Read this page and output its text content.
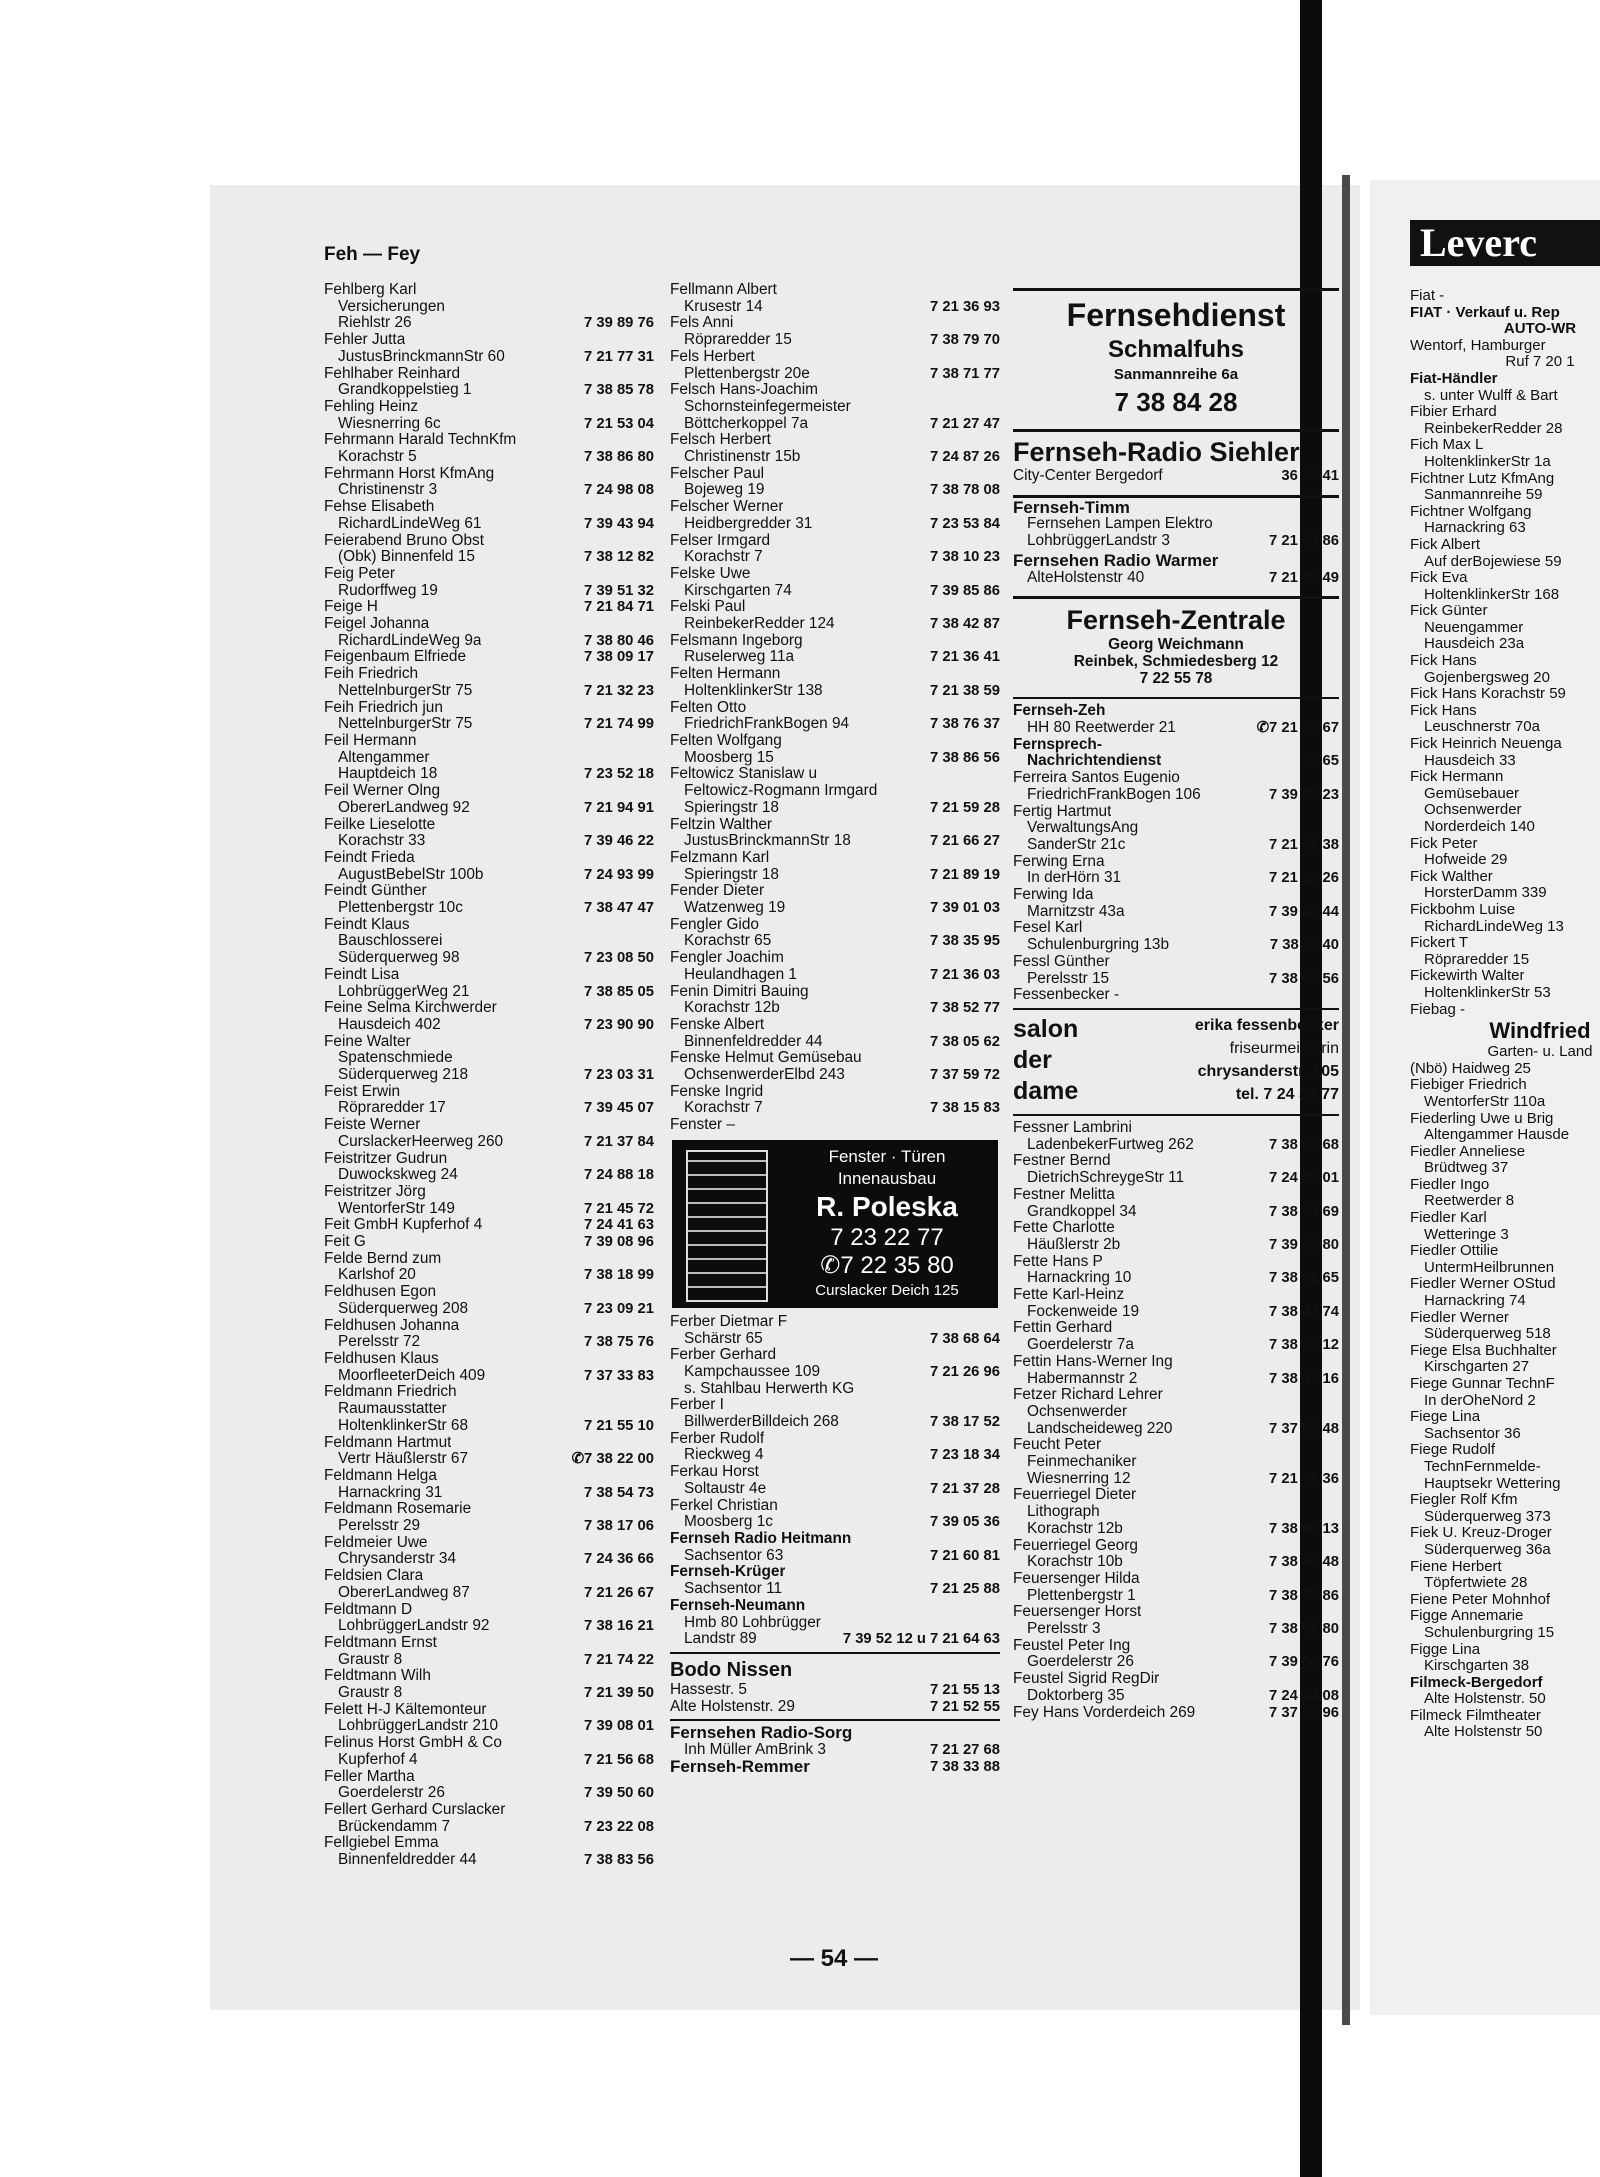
Feh — Fey
Fehlberg Karl
Versicherungen
Riehlstr 26	7 39 89 76
Fehler Jutta
JustusBrinckmannStr 60	7 21 77 31
Fehlhaber Reinhard
Grandkoppelstieg 1	7 38 85 78
Fehling Heinz
Wiesnerring 6c	7 21 53 04
Fehrmann Harald TechnKfm
Korachstr 5	7 38 86 80
Fehrmann Horst KfmAng
Christinenstr 3	7 24 98 08
Fehse Elisabeth
RichardLindeWeg 61	7 39 43 94
Feierabend Bruno Obst
(Obk) Binnenfeld 15	7 38 12 82
Feig Peter
Rudorffweg 19	7 39 51 32
Feige H	7 21 84 71
Feigel Johanna
RichardLindeWeg 9a	7 38 80 46
Feigenbaum Elfriede	7 38 09 17
Feih Friedrich
NettelnburgerStr 75	7 21 32 23
Feih Friedrich jun
NettelnburgerStr 75	7 21 74 99
Feil Hermann
Altengammer
Hauptdeich 18	7 23 52 18
Feil Werner Olng
ObererLandweg 92	7 21 94 91
Feilke Lieselotte
Korachstr 33	7 39 46 22
Feindt Frieda
AugustBebelStr 100b	7 24 93 99
Feindt Günther
Plettenbergstr 10c	7 38 47 47
Feindt Klaus
Bauschlosserei
Süderquerweg 98	7 23 08 50
Feindt Lisa
LohbrüggerWeg 21	7 38 85 05
Feine Selma Kirchwerder
Hausdeich 402	7 23 90 90
Feine Walter
Spatenschmiede
Süderquerweg 218	7 23 03 31
Feist Erwin
Röpraredder 17	7 39 45 07
Feiste Werner
CurslackerHeerweg 260	7 21 37 84
Feistritzer Gudrun
Duwockskweg 24	7 24 88 18
Feistritzer Jörg
WentorferStr 149	7 21 45 72
Feit GmbH Kupferhof 4	7 24 41 63
Feit G	7 39 08 96
Felde Bernd zum
Karlshof 20	7 38 18 99
Feldhusen Egon
Süderquerweg 208	7 23 09 21
Feldhusen Johanna
Perelsstr 72	7 38 75 76
Feldhusen Klaus
MoorfleeterDeich 409	7 37 33 83
Feldmann Friedrich
Raumausstatter
HoltenklinkerStr 68	7 21 55 10
Feldmann Hartmut
Vertr Häußlerstr 67	✆7 38 22 00
Feldmann Helga
Harnackring 31	7 38 54 73
Feldmann Rosemarie
Perelsstr 29	7 38 17 06
Feldmeier Uwe
Chrysanderstr 34	7 24 36 66
Feldsien Clara
ObererLandweg 87	7 21 26 67
Feldtmann D
LohbrüggerLandstr 92	7 38 16 21
Feldtmann Ernst
Graustr 8	7 21 74 22
Feldtmann Wilh
Graustr 8	7 21 39 50
Felett H-J Kältemonteur
LohbrüggerLandstr 210	7 39 08 01
Felinus Horst GmbH & Co
Kupferhof 4	7 21 56 68
Feller Martha
Goerdelerstr 26	7 39 50 60
Fellert Gerhard Curslacker
Brückendamm 7	7 23 22 08
Fellgiebel Emma
Binnenfeldredder 44	7 38 83 56
Fellmann Albert
Krusestr 14	7 21 36 93
Fels Anni
Röpraredder 15	7 38 79 70
Fels Herbert
Plettenbergstr 20e	7 38 71 77
Felsch Hans-Joachim
Schornsteinfegermeister
Böttcherkoppel 7a	7 21 27 47
Felsch Herbert
Christinenstr 15b	7 24 87 26
Felscher Paul
Bojeweg 19	7 38 78 08
Felscher Werner
Heidbergredder 31	7 23 53 84
Felser Irmgard
Korachstr 7	7 38 10 23
Felske Uwe
Kirschgarten 74	7 39 85 86
Felski Paul
ReinbekerRedder 124	7 38 42 87
Felsmann Ingeborg
Ruselerweg 11a	7 21 36 41
Felten Hermann
HoltenklinkerStr 138	7 21 38 59
Felten Otto
FriedrichFrankBogen 94	7 38 76 37
Felten Wolfgang
Moosberg 15	7 38 86 56
Feltowicz Stanislaw u
Feltowicz-Rogmann Irmgard
Spieringstr 18	7 21 59 28
Feltzin Walther
JustusBrinckmannStr 18	7 21 66 27
Felzmann Karl
Spieringstr 18	7 21 89 19
Fender Dieter
Watzenweg 19	7 39 01 03
Fengler Gido
Korachstr 65	7 38 35 95
Fengler Joachim
Heulandhagen 1	7 21 36 03
Fenin Dimitri Bauing
Korachstr 12b	7 38 52 77
Fenske Albert
Binnenfeldredder 44	7 38 05 62
Fenske Helmut Gemüsebau
OchsenwerderElbd 243	7 37 59 72
Fenske Ingrid
Korachstr 7	7 38 15 83
Fenster –
Fenster · Türen
Innenausbau
R. Poleska
7 23 22 77
✆7 22 35 80
Curslacker Deich 125
Ferber Dietmar F
Schärstr 65	7 38 68 64
Ferber Gerhard
Kampchaussee 109	7 21 26 96
s. Stahlbau Herwerth KG
Ferber I
BillwerderBilldeich 268	7 38 17 52
Ferber Rudolf
Rieckweg 4	7 23 18 34
Ferkau Horst
Soltaustr 4e	7 21 37 28
Ferkel Christian
Moosberg 1c	7 39 05 36
Fernseh Radio Heitmann
Sachsentor 63	7 21 60 81
Fernseh-Krüger
Sachsentor 11	7 21 25 88
Fernseh-Neumann
Hmb 80 Lohbrügger
Landstr 89	7 39 52 12 u 7 21 64 63
Bodo Nissen
Hassestr. 5	7 21 55 13
Alte Holstenstr. 29	7 21 52 55
Fernsehen Radio-Sorg
Inh Müller AmBrink 3	7 21 27 68
Fernseh-Remmer	7 38 33 88
Fernsehdienst
Schmalfuhs
Sanmannreihe 6a
7 38 84 28
Fernseh-Radio Siehler
City-Center Bergedorf	36 28 41
Fernseh-Timm
Fernsehen Lampen Elektro
LohbrüggerLandstr 3	7 21 24 86
Fernsehen Radio Warmer
AlteHolstenstr 40	7 21 35 49
Fernseh-Zentrale
Georg Weichmann
Reinbek, Schmiedesberg 12
7 22 55 78
Fernseh-Zeh
HH 80 Reetwerder 21	✆7 21 20 67
Fernsprech-
Nachrichtendienst	11 65
Ferreira Santos Eugenio
FriedrichFrankBogen 106	7 39 00 23
Fertig Hartmut
VerwaltungsAng
SanderStr 21c	7 21 71 38
Ferwing Erna
In derHörn 31	7 21 25 26
Ferwing Ida
Marnitzstr 43a	7 39 45 44
Fesel Karl
Schulenburgring 13b	7 38 11 40
Fessl Günther
Perelsstr 15	7 38 62 56
Fessenbecker -
salon
der
dame
erika fessenbecker
friseurmeisterin
chrysanderstr. 105
tel. 7 24 57 77
Fessner Lambrini
LadenbekerFurtweg 262	7 38 03 68
Festner Bernd
DietrichSchreygeStr 11	7 24 42 01
Festner Melitta
Grandkoppel 34	7 38 84 69
Fette Charlotte
Häußlerstr 2b	7 39 45 80
Fette Hans P
Harnackring 10	7 38 51 65
Fette Karl-Heinz
Fockenweide 19	7 38 42 74
Fettin Gerhard
Goerdelerstr 7a	7 38 12 12
Fettin Hans-Werner Ing
Habermannstr 2	7 38 41 16
Fetzer Richard Lehrer
Ochsenwerder
Landscheideweg 220	7 37 58 48
Feucht Peter
Feinmechaniker
Wiesnerring 12	7 21 76 36
Feuerriegel Dieter
Lithograph
Korachstr 12b	7 38 90 13
Feuerriegel Georg
Korachstr 10b	7 38 66 48
Feuersenger Hilda
Plettenbergstr 1	7 38 72 86
Feuersenger Horst
Perelsstr 3	7 38 96 80
Feustel Peter Ing
Goerdelerstr 26	7 39 80 76
Feustel Sigrid RegDir
Doktorberg 35	7 24 24 08
Fey Hans Vorderdeich 269	7 37 31 96
— 54 —
Leverc
Fiat -
FIAT · Verkauf u. Rep
AUTO-WR
Wentorf, Hamburger
Ruf 7 20 1
Fiat-Händler
s. unter Wulff & Bart
Fibier Erhard
ReinbekerRedder 28
Fich Max L
HoltenklinkerStr 1a
Fichtner Lutz KfmAng
Sanmannreihe 59
Fichtner Wolfgang
Harnackring 63
Fick Albert
Auf derBojewiese 59
Fick Eva
HoltenklinkerStr 168
Fick Günter
Neuengammer
Hausdeich 23a
Fick Hans
Gojenbergsweg 20
Fick Hans Korachstr 59
Fick Hans
Leuschnerstr 70a
Fick Heinrich Neuenga
Hausdeich 33
Fick Hermann
Gemüsebauer
Ochsenwerder
Norderdeich 140
Fick Peter
Hofweide 29
Fick Walther
HorsterDamm 339
Fickbohm Luise
RichardLindeWeg 13
Fickert T
Röpraredder 15
Fickewirth Walter
HoltenklinkerStr 53
Fiebag -
Windfried
Garten- u. Land
(Nbö) Haidweg 25
Fiebiger Friedrich
WentorferStr 110a
Fiederling Uwe u Brig
Altengammer Hausde
Fiedler Anneliese
Brüdtweg 37
Fiedler Ingo
Reetwerder 8
Fiedler Karl
Wetteringe 3
Fiedler Ottilie
UntermHeilbrunnen
Fiedler Werner OStud
Harnackring 74
Fiedler Werner
Süderquerweg 518
Fiege Elsa Buchhalter
Kirschgarten 27
Fiege Gunnar TechnF
In derOheNord 2
Fiege Lina
Sachsentor 36
Fiege Rudolf
TechnFernmelde-
Hauptsekr Wettering
Fiegler Rolf Kfm
Süderquerweg 373
Fiek U. Kreuz-Droger
Süderquerweg 36a
Fiene Herbert
Töpfertwiete 28
Fiene Peter Mohnhof
Figge Annemarie
Schulenburgring 15
Figge Lina
Kirschgarten 38
Filmeck-Bergedorf
Alte Holstenstr. 50
Filmeck Filmtheater
Alte Holstenstr 50
